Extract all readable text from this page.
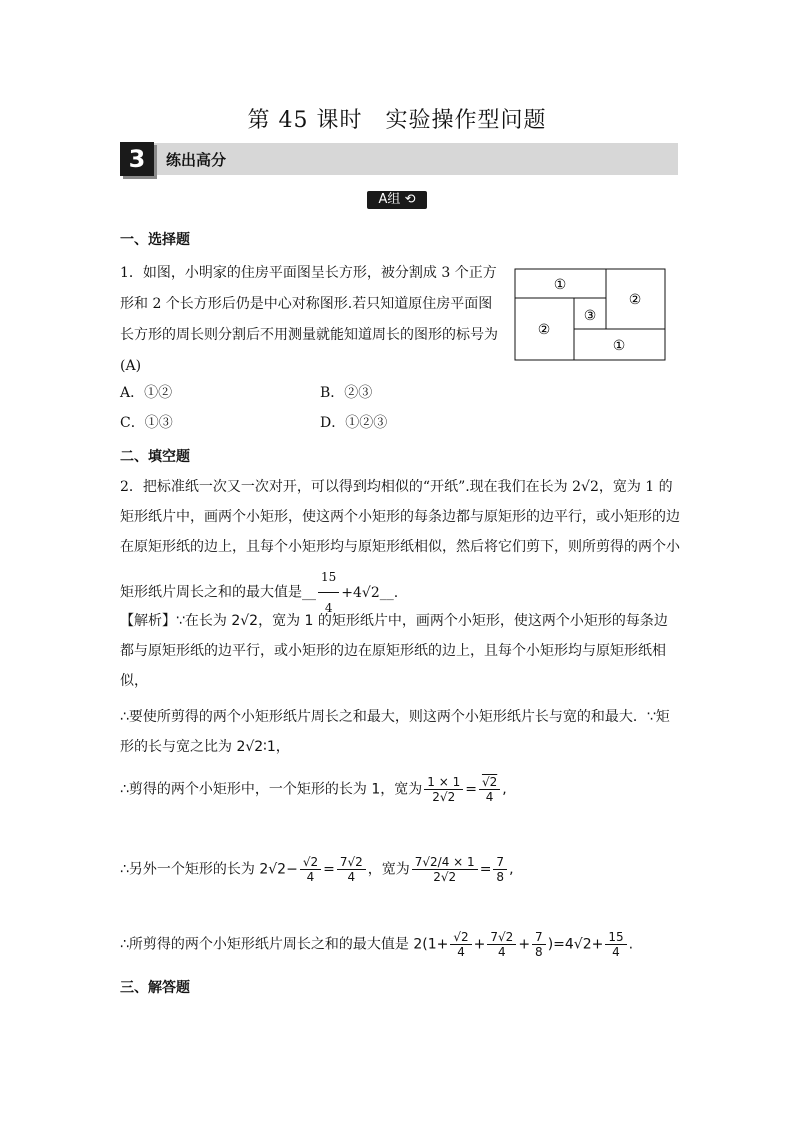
第 45 课时　实验操作型问题
3	练出高分
A组 ⟲
一、选择题
1．如图，小明家的住房平面图呈长方形，被分割成 3 个正方形和 2 个长方形后仍是中心对称图形.若只知道原住房平面图长方形的周长则分割后不用测量就能知道周长的图形的标号为　　　(A)
①
②
③
②
①
A．①②	B．②③
C．①③	D．①②③
二、填空题
2．把标准纸一次又一次对开，可以得到均相似的“开纸”.现在我们在长为 2√2，宽为 1 的矩形纸片中，画两个小矩形，使这两个小矩形的每条边都与原矩形的边平行，或小矩形的边在原矩形纸的边上，且每个小矩形均与原矩形纸相似，然后将它们剪下，则所剪得的两个小矩形纸片周长之和的最大值是__ $\frac{15}{4}$ +4√2__.
【解析】∵在长为 2√2，宽为 1 的矩形纸片中，画两个小矩形，使这两个小矩形的每条边都与原矩形纸的边平行，或小矩形的边在原矩形纸的边上，且每个小矩形均与原矩形纸相似，
∴要使所剪得的两个小矩形纸片周长之和最大，则这两个小矩形纸片长与宽的和最大．∵矩形的长与宽之比为 2√2∶1，
∴剪得的两个小矩形中，一个矩形的长为 1，宽为 $\frac{1 \times 1}{2√2} = \frac{√2}{4}$ ,
∴另外一个矩形的长为 $2√2- \frac{√2}{4} = \frac{7√2}{4}$ ，宽为 $\frac{7√2/4 \times 1}{2√2} = \frac{7}{8}$ ,
∴所剪得的两个小矩形纸片周长之和的最大值是 $2(1+ \frac{√2}{4} + \frac{7√2}{4} + \frac{7}{8} )=4√2+ \frac{15}{4}$ .
三、解答题
